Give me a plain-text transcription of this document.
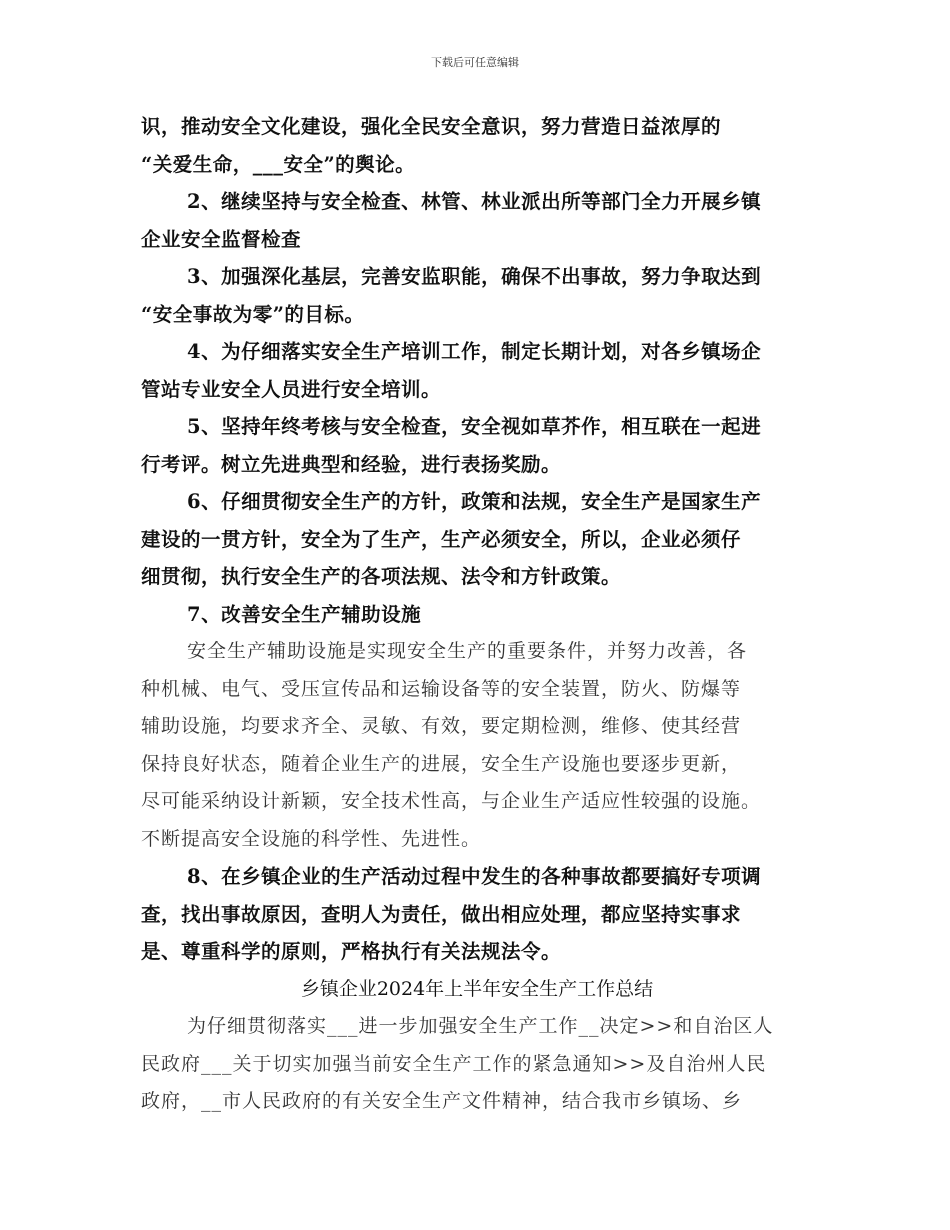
下载后可任意编辑
识，推动安全文化建设，强化全民安全意识，努力营造日益浓厚的
“关爱生命，___安全”的舆论。
2、继续坚持与安全检查、林管、林业派出所等部门全力开展乡镇
企业安全监督检查
3、加强深化基层，完善安监职能，确保不出事故，努力争取达到
“安全事故为零”的目标。
4、为仔细落实安全生产培训工作，制定长期计划，对各乡镇场企
管站专业安全人员进行安全培训。
5、坚持年终考核与安全检查，安全视如草芥作，相互联在一起进
行考评。树立先进典型和经验，进行表扬奖励。
6、仔细贯彻安全生产的方针，政策和法规，安全生产是国家生产
建设的一贯方针，安全为了生产，生产必须安全，所以，企业必须仔
细贯彻，执行安全生产的各项法规、法令和方针政策。
7、改善安全生产辅助设施
安全生产辅助设施是实现安全生产的重要条件，并努力改善，各
种机械、电气、受压宣传品和运输设备等的安全装置，防火、防爆等
辅助设施，均要求齐全、灵敏、有效，要定期检测，维修、使其经营
保持良好状态，随着企业生产的进展，安全生产设施也要逐步更新，
尽可能采纳设计新颖，安全技术性高，与企业生产适应性较强的设施。
不断提高安全设施的科学性、先进性。
8、在乡镇企业的生产活动过程中发生的各种事故都要搞好专项调
查，找出事故原因，查明人为责任，做出相应处理，都应坚持实事求
是、尊重科学的原则，严格执行有关法规法令。
乡镇企业2024年上半年安全生产工作总结
为仔细贯彻落实___进一步加强安全生产工作__决定>>和自治区人
民政府___关于切实加强当前安全生产工作的紧急通知>>及自治州人民
政府，__市人民政府的有关安全生产文件精神，结合我市乡镇场、乡
